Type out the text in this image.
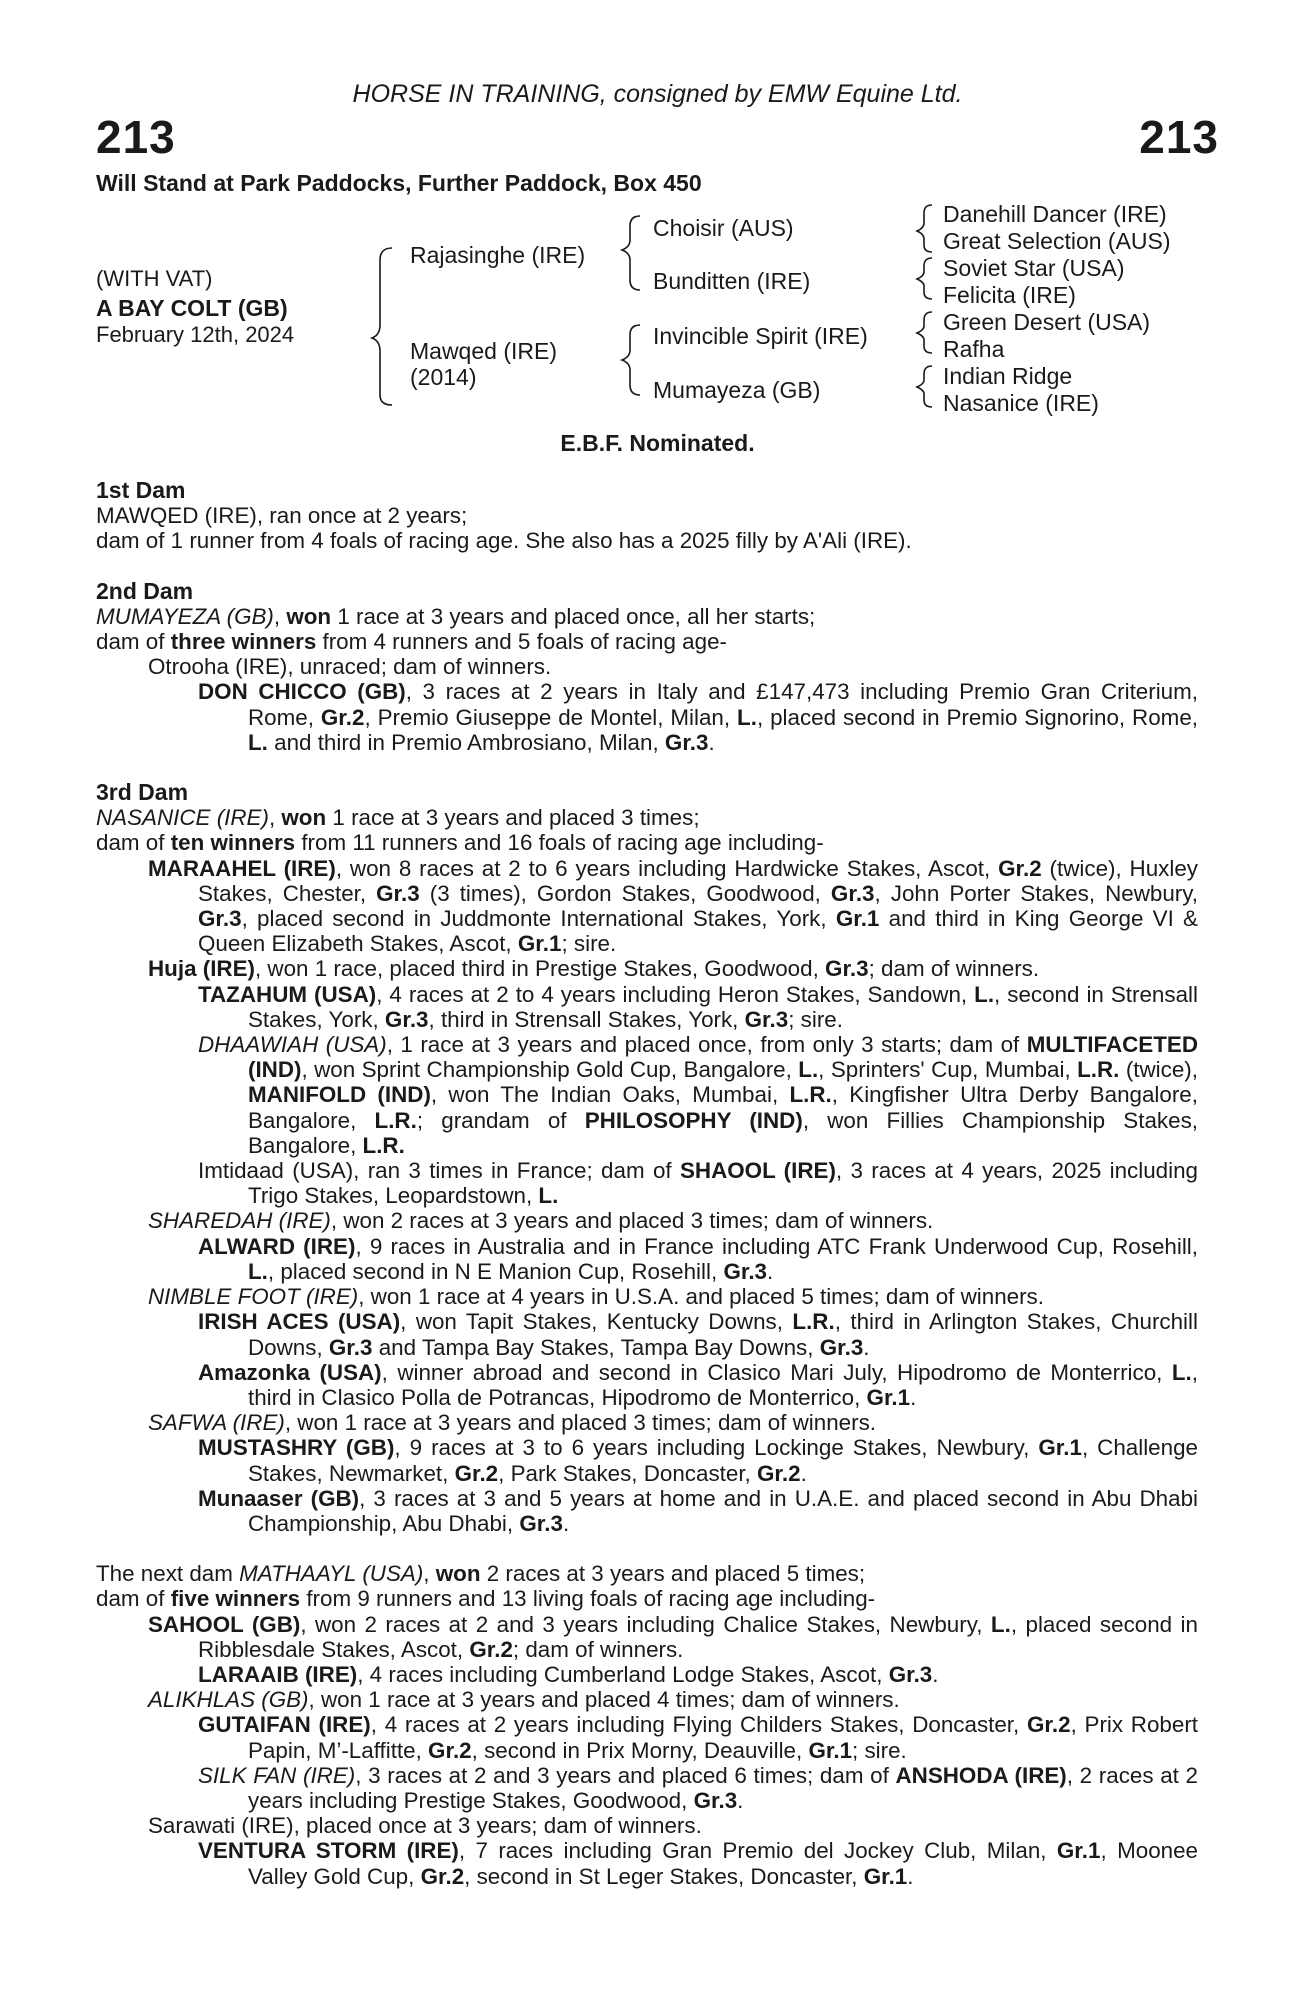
HORSE IN TRAINING, consigned by EMW Equine Ltd.
213	213
Will Stand at Park Paddocks, Further Paddock, Box 450
(WITH VAT)
A BAY COLT (GB)
February 12th, 2024
Rajasinghe (IRE)
Mawqed (IRE)
(2014)
Choisir (AUS)
Bunditten (IRE)
Invincible Spirit (IRE)
Mumayeza (GB)
Danehill Dancer (IRE)
Great Selection (AUS)
Soviet Star (USA)
Felicita (IRE)
Green Desert (USA)
Rafha
Indian Ridge
Nasanice (IRE)
E.B.F. Nominated.
1st Dam
MAWQED (IRE), ran once at 2 years;
dam of 1 runner from 4 foals of racing age. She also has a 2025 filly by A'Ali (IRE).
2nd Dam
MUMAYEZA (GB), won 1 race at 3 years and placed once, all her starts;
dam of three winners from 4 runners and 5 foals of racing age-
Otrooha (IRE), unraced; dam of winners.
DON CHICCO (GB), 3 races at 2 years in Italy and £147,473 including Premio Gran Criterium, Rome, Gr.2, Premio Giuseppe de Montel, Milan, L., placed second in Premio Signorino, Rome, L. and third in Premio Ambrosiano, Milan, Gr.3.
3rd Dam
NASANICE (IRE), won 1 race at 3 years and placed 3 times;
dam of ten winners from 11 runners and 16 foals of racing age including-
MARAAHEL (IRE), won 8 races at 2 to 6 years including Hardwicke Stakes, Ascot, Gr.2 (twice), Huxley Stakes, Chester, Gr.3 (3 times), Gordon Stakes, Goodwood, Gr.3, John Porter Stakes, Newbury, Gr.3, placed second in Juddmonte International Stakes, York, Gr.1 and third in King George VI & Queen Elizabeth Stakes, Ascot, Gr.1; sire.
Huja (IRE), won 1 race, placed third in Prestige Stakes, Goodwood, Gr.3; dam of winners.
TAZAHUM (USA), 4 races at 2 to 4 years including Heron Stakes, Sandown, L., second in Strensall Stakes, York, Gr.3, third in Strensall Stakes, York, Gr.3; sire.
DHAAWIAH (USA), 1 race at 3 years and placed once, from only 3 starts; dam of MULTIFACETED (IND), won Sprint Championship Gold Cup, Bangalore, L., Sprinters' Cup, Mumbai, L.R. (twice), MANIFOLD (IND), won The Indian Oaks, Mumbai, L.R., Kingfisher Ultra Derby Bangalore, Bangalore, L.R.; grandam of PHILOSOPHY (IND), won Fillies Championship Stakes, Bangalore, L.R.
Imtidaad (USA), ran 3 times in France; dam of SHAOOL (IRE), 3 races at 4 years, 2025 including Trigo Stakes, Leopardstown, L.
SHAREDAH (IRE), won 2 races at 3 years and placed 3 times; dam of winners.
ALWARD (IRE), 9 races in Australia and in France including ATC Frank Underwood Cup, Rosehill, L., placed second in N E Manion Cup, Rosehill, Gr.3.
NIMBLE FOOT (IRE), won 1 race at 4 years in U.S.A. and placed 5 times; dam of winners.
IRISH ACES (USA), won Tapit Stakes, Kentucky Downs, L.R., third in Arlington Stakes, Churchill Downs, Gr.3 and Tampa Bay Stakes, Tampa Bay Downs, Gr.3.
Amazonka (USA), winner abroad and second in Clasico Mari July, Hipodromo de Monterrico, L., third in Clasico Polla de Potrancas, Hipodromo de Monterrico, Gr.1.
SAFWA (IRE), won 1 race at 3 years and placed 3 times; dam of winners.
MUSTASHRY (GB), 9 races at 3 to 6 years including Lockinge Stakes, Newbury, Gr.1, Challenge Stakes, Newmarket, Gr.2, Park Stakes, Doncaster, Gr.2.
Munaaser (GB), 3 races at 3 and 5 years at home and in U.A.E. and placed second in Abu Dhabi Championship, Abu Dhabi, Gr.3.
The next dam MATHAAYL (USA), won 2 races at 3 years and placed 5 times;
dam of five winners from 9 runners and 13 living foals of racing age including-
SAHOOL (GB), won 2 races at 2 and 3 years including Chalice Stakes, Newbury, L., placed second in Ribblesdale Stakes, Ascot, Gr.2; dam of winners.
LARAAIB (IRE), 4 races including Cumberland Lodge Stakes, Ascot, Gr.3.
ALIKHLAS (GB), won 1 race at 3 years and placed 4 times; dam of winners.
GUTAIFAN (IRE), 4 races at 2 years including Flying Childers Stakes, Doncaster, Gr.2, Prix Robert Papin, M’-Laffitte, Gr.2, second in Prix Morny, Deauville, Gr.1; sire.
SILK FAN (IRE), 3 races at 2 and 3 years and placed 6 times; dam of ANSHODA (IRE), 2 races at 2 years including Prestige Stakes, Goodwood, Gr.3.
Sarawati (IRE), placed once at 3 years; dam of winners.
VENTURA STORM (IRE), 7 races including Gran Premio del Jockey Club, Milan, Gr.1, Moonee Valley Gold Cup, Gr.2, second in St Leger Stakes, Doncaster, Gr.1.
